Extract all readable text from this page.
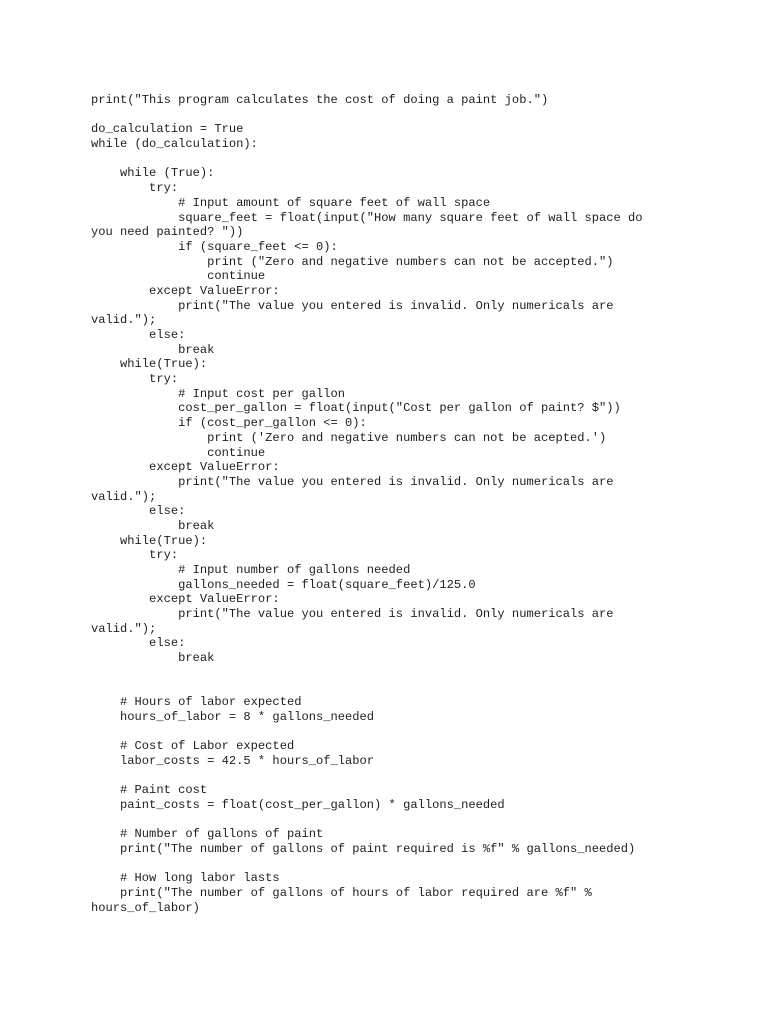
print("This program calculates the cost of doing a paint job.")
do_calculation = True
while (do_calculation):
while (True):
try:
# Input amount of square feet of wall space
square_feet = float(input("How many square feet of wall space do
you need painted? "))
if (square_feet <= 0):
print ("Zero and negative numbers can not be accepted.")
continue
except ValueError:
print("The value you entered is invalid. Only numericals are
valid.");
else:
break
while(True):
try:
# Input cost per gallon
cost_per_gallon = float(input("Cost per gallon of paint? $"))
if (cost_per_gallon <= 0):
print ('Zero and negative numbers can not be acepted.')
continue
except ValueError:
print("The value you entered is invalid. Only numericals are
valid.");
else:
break
while(True):
try:
# Input number of gallons needed
gallons_needed = float(square_feet)/125.0
except ValueError:
print("The value you entered is invalid. Only numericals are
valid.");
else:
break
# Hours of labor expected
hours_of_labor = 8 * gallons_needed
# Cost of Labor expected
labor_costs = 42.5 * hours_of_labor
# Paint cost
paint_costs = float(cost_per_gallon) * gallons_needed
# Number of gallons of paint
print("The number of gallons of paint required is %f" % gallons_needed)
# How long labor lasts
print("The number of gallons of hours of labor required are %f" %
hours_of_labor)
